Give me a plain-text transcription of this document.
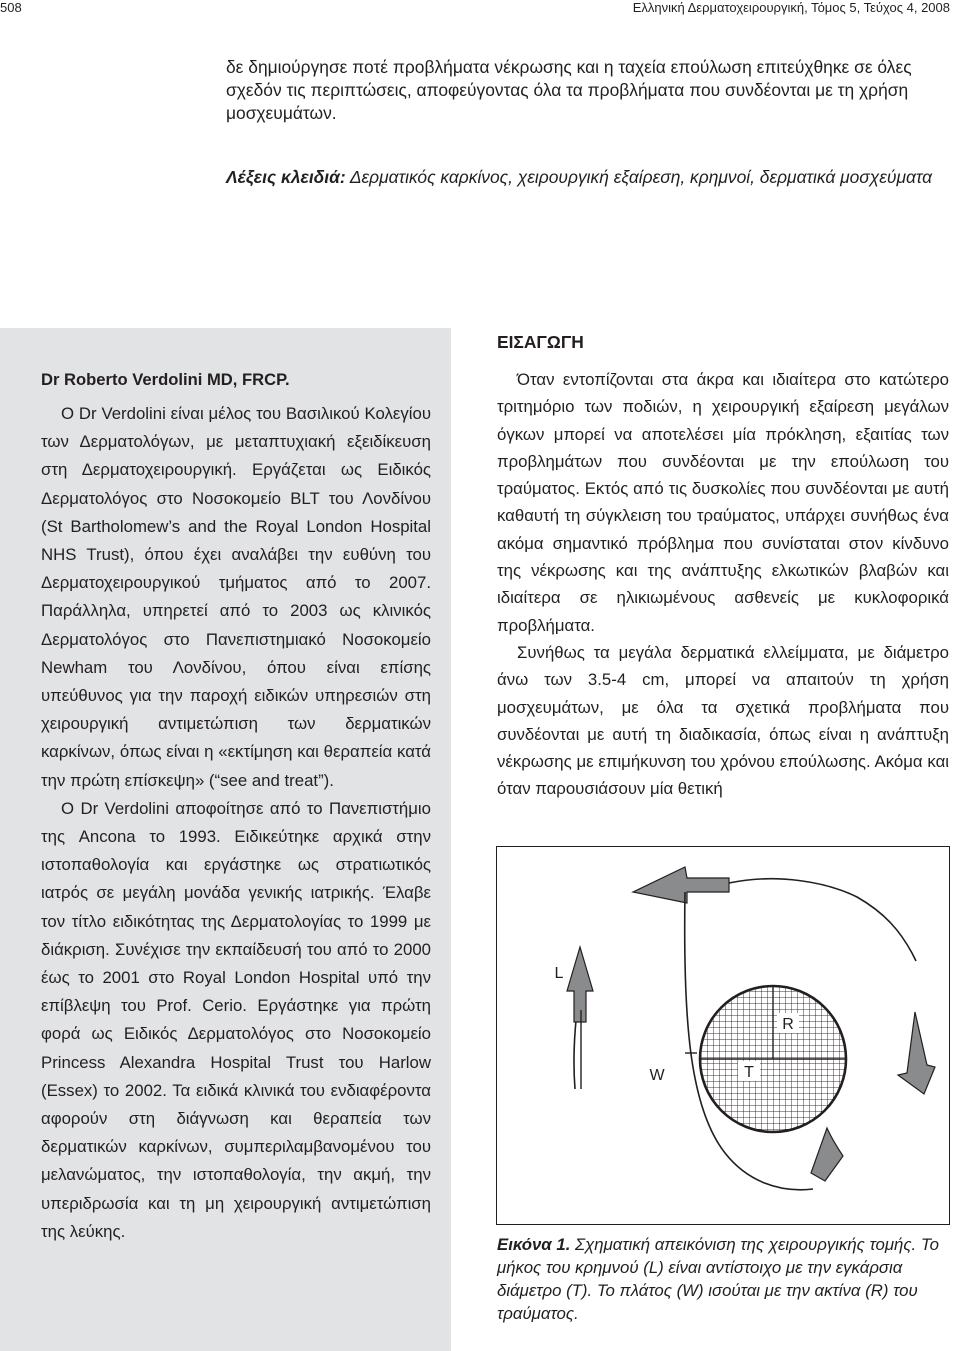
508	Ελληνική Δερματοχειρουργική, Τόμος 5, Τεύχος 4, 2008

δε δημιούργησε ποτέ προβλήματα νέκρωσης και η ταχεία επούλωση επιτεύχθηκε σε όλες σχεδόν τις περιπτώσεις, αποφεύγοντας όλα τα προβλήματα που συνδέονται με τη χρήση μοσχευμάτων.

Λέξεις κλειδιά: Δερματικός καρκίνος, χειρουργική εξαίρεση, κρημνοί, δερματικά μοσχεύματα

Dr Roberto Verdolini MD, FRCP.

Ο Dr Verdolini είναι μέλος του Βασιλικού Κολεγίου των Δερματολόγων, με μεταπτυχιακή εξειδίκευση στη Δερματοχειρουργική. Εργάζεται ως Ειδικός Δερματολόγος στο Νοσοκομείο BLT του Λονδίνου (St Bartholomew’s and the Royal London Hospital NHS Trust), όπου έχει αναλάβει την ευθύνη του Δερματοχειρουργικού τμήματος από το 2007. Παράλληλα, υπηρετεί από το 2003 ως κλινικός Δερματολόγος στο Πανεπιστημιακό Νοσοκομείο Newham του Λονδίνου, όπου είναι επίσης υπεύθυνος για την παροχή ειδικών υπηρεσιών στη χειρουργική αντιμετώπιση των δερματικών καρκίνων, όπως είναι η «εκτίμηση και θεραπεία κατά την πρώτη επίσκεψη» (“see and treat”).

Ο Dr Verdolini αποφοίτησε από το Πανεπιστήμιο της Ancona το 1993. Ειδικεύτηκε αρχικά στην ιστοπαθολογία και εργάστηκε ως στρατιωτικός ιατρός σε μεγάλη μονάδα γενικής ιατρικής. Έλαβε τον τίτλο ειδικότητας της Δερματολογίας το 1999 με διάκριση. Συνέχισε την εκπαίδευσή του από το 2000 έως το 2001 στο Royal London Hospital υπό την επίβλεψη του Prof. Cerio. Εργάστηκε για πρώτη φορά ως Ειδικός Δερματολόγος στο Νοσοκομείο Princess Alexandra Hospital Trust του Harlow (Essex) το 2002. Τα ειδικά κλινικά του ενδιαφέροντα αφορούν στη διάγνωση και θεραπεία των δερματικών καρκίνων, συμπεριλαμβανομένου του μελανώματος, την ιστοπαθολογία, την ακμή, την υπεριδρωσία και τη μη χειρουργική αντιμετώπιση της λεύκης.

ΕΙΣΑΓΩΓΗ

Όταν εντοπίζονται στα άκρα και ιδιαίτερα στο κατώτερο τριτημόριο των ποδιών, η χειρουργική εξαίρεση μεγάλων όγκων μπορεί να αποτελέσει μία πρόκληση, εξαιτίας των προβλημάτων που συνδέονται με την επούλωση του τραύματος. Εκτός από τις δυσκολίες που συνδέονται με αυτή καθαυτή τη σύγκλειση του τραύματος, υπάρχει συνήθως ένα ακόμα σημαντικό πρόβλημα που συνίσταται στον κίνδυνο της νέκρωσης και της ανάπτυξης ελκωτικών βλαβών και ιδιαίτερα σε ηλικιωμένους ασθενείς με κυκλοφορικά προβλήματα.

Συνήθως τα μεγάλα δερματικά ελλείμματα, με διάμετρο άνω των 3.5-4 cm, μπορεί να απαιτούν τη χρήση μοσχευμάτων, με όλα τα σχετικά προβλήματα που συνδέονται με αυτή τη διαδικασία, όπως είναι η ανάπτυξη νέκρωσης με επιμήκυνση του χρόνου επούλωσης. Ακόμα και όταν παρουσιάσουν μία θετική

R
T
L
W

Εικόνα 1. Σχηματική απεικόνιση της χειρουργικής τομής. Το μήκος του κρημνού (L) είναι αντίστοιχο με την εγκάρσια διάμετρο (T). Το πλάτος (W) ισούται με την ακτίνα (R) του τραύματος.
